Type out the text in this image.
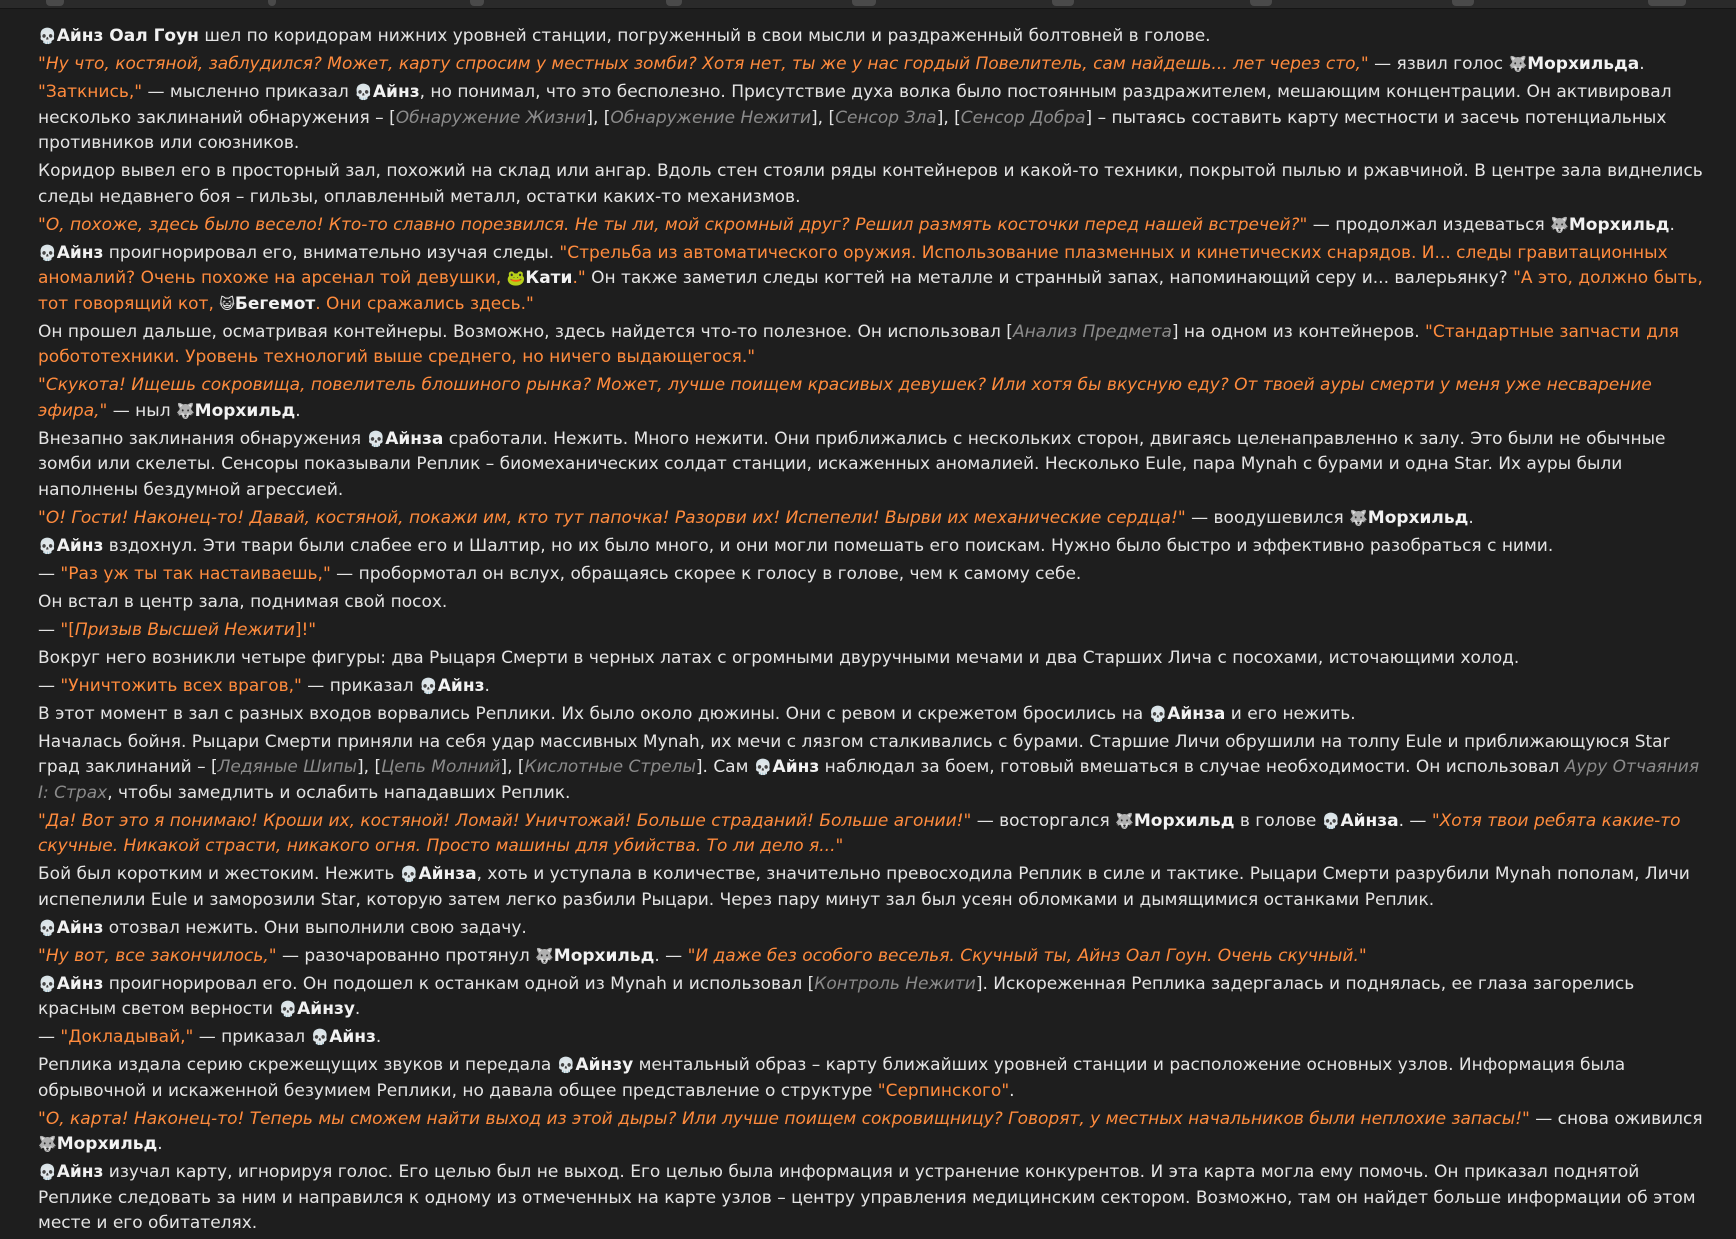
💀Айнз Оал Гоун шел по коридорам нижних уровней станции, погруженный в свои мысли и раздраженный болтовней в голове.

"Ну что, костяной, заблудился? Может, карту спросим у местных зомби? Хотя нет, ты же у нас гордый Повелитель, сам найдешь... лет через сто," — язвил голос 🐺Морхильда.

"Заткнись," — мысленно приказал 💀Айнз, но понимал, что это бесполезно. Присутствие духа волка было постоянным раздражителем, мешающим концентрации. Он активировал несколько заклинаний обнаружения – [Обнаружение Жизни], [Обнаружение Нежити], [Сенсор Зла], [Сенсор Добра] – пытаясь составить карту местности и засечь потенциальных противников или союзников.

Коридор вывел его в просторный зал, похожий на склад или ангар. Вдоль стен стояли ряды контейнеров и какой-то техники, покрытой пылью и ржавчиной. В центре зала виднелись следы недавнего боя – гильзы, оплавленный металл, остатки каких-то механизмов.

"О, похоже, здесь было весело! Кто-то славно порезвился. Не ты ли, мой скромный друг? Решил размять косточки перед нашей встречей?" — продолжал издеваться 🐺Морхильд.

💀Айнз проигнорировал его, внимательно изучая следы. "Стрельба из автоматического оружия. Использование плазменных и кинетических снарядов. И... следы гравитационных аномалий? Очень похоже на арсенал той девушки, 🐸Кати." Он также заметил следы когтей на металле и странный запах, напоминающий серу и... валерьянку? "А это, должно быть, тот говорящий кот, 😺Бегемот. Они сражались здесь."

Он прошел дальше, осматривая контейнеры. Возможно, здесь найдется что-то полезное. Он использовал [Анализ Предмета] на одном из контейнеров. "Стандартные запчасти для робототехники. Уровень технологий выше среднего, но ничего выдающегося."

"Скукота! Ищешь сокровища, повелитель блошиного рынка? Может, лучше поищем красивых девушек? Или хотя бы вкусную еду? От твоей ауры смерти у меня уже несварение эфира," — ныл 🐺Морхильд.

Внезапно заклинания обнаружения 💀Айнза сработали. Нежить. Много нежити. Они приближались с нескольких сторон, двигаясь целенаправленно к залу. Это были не обычные зомби или скелеты. Сенсоры показывали Реплик – биомеханических солдат станции, искаженных аномалией. Несколько Eule, пара Mynah с бурами и одна Star. Их ауры были наполнены бездумной агрессией.

"О! Гости! Наконец-то! Давай, костяной, покажи им, кто тут папочка! Разорви их! Испепели! Вырви их механические сердца!" — воодушевился 🐺Морхильд.

💀Айнз вздохнул. Эти твари были слабее его и Шалтир, но их было много, и они могли помешать его поискам. Нужно было быстро и эффективно разобраться с ними.

— "Раз уж ты так настаиваешь," — пробормотал он вслух, обращаясь скорее к голосу в голове, чем к самому себе.

Он встал в центр зала, поднимая свой посох.

— "[Призыв Высшей Нежити]!"

Вокруг него возникли четыре фигуры: два Рыцаря Смерти в черных латах с огромными двуручными мечами и два Старших Лича с посохами, источающими холод.

— "Уничтожить всех врагов," — приказал 💀Айнз.

В этот момент в зал с разных входов ворвались Реплики. Их было около дюжины. Они с ревом и скрежетом бросились на 💀Айнза и его нежить.

Началась бойня. Рыцари Смерти приняли на себя удар массивных Mynah, их мечи с лязгом сталкивались с бурами. Старшие Личи обрушили на толпу Eule и приближающуюся Star град заклинаний – [Ледяные Шипы], [Цепь Молний], [Кислотные Стрелы]. Сам 💀Айнз наблюдал за боем, готовый вмешаться в случае необходимости. Он использовал Ауру Отчаяния I: Страх, чтобы замедлить и ослабить нападавших Реплик.

"Да! Вот это я понимаю! Кроши их, костяной! Ломай! Уничтожай! Больше страданий! Больше агонии!" — восторгался 🐺Морхильд в голове 💀Айнза. — "Хотя твои ребята какие-то скучные. Никакой страсти, никакого огня. Просто машины для убийства. То ли дело я..."

Бой был коротким и жестоким. Нежить 💀Айнза, хоть и уступала в количестве, значительно превосходила Реплик в силе и тактике. Рыцари Смерти разрубили Mynah пополам, Личи испепелили Eule и заморозили Star, которую затем легко разбили Рыцари. Через пару минут зал был усеян обломками и дымящимися останками Реплик.

💀Айнз отозвал нежить. Они выполнили свою задачу.

"Ну вот, все закончилось," — разочарованно протянул 🐺Морхильд. — "И даже без особого веселья. Скучный ты, Айнз Оал Гоун. Очень скучный."

💀Айнз проигнорировал его. Он подошел к останкам одной из Mynah и использовал [Контроль Нежити]. Искореженная Реплика задергалась и поднялась, ее глаза загорелись красным светом верности 💀Айнзу.

— "Докладывай," — приказал 💀Айнз.

Реплика издала серию скрежещущих звуков и передала 💀Айнзу ментальный образ – карту ближайших уровней станции и расположение основных узлов. Информация была обрывочной и искаженной безумием Реплики, но давала общее представление о структуре "Серпинского".

"О, карта! Наконец-то! Теперь мы сможем найти выход из этой дыры? Или лучше поищем сокровищницу? Говорят, у местных начальников были неплохие запасы!" — снова оживился 🐺Морхильд.

💀Айнз изучал карту, игнорируя голос. Его целью был не выход. Его целью была информация и устранение конкурентов. И эта карта могла ему помочь. Он приказал поднятой Реплике следовать за ним и направился к одному из отмеченных на карте узлов – центру управления медицинским сектором. Возможно, там он найдет больше информации об этом месте и его обитателях.
